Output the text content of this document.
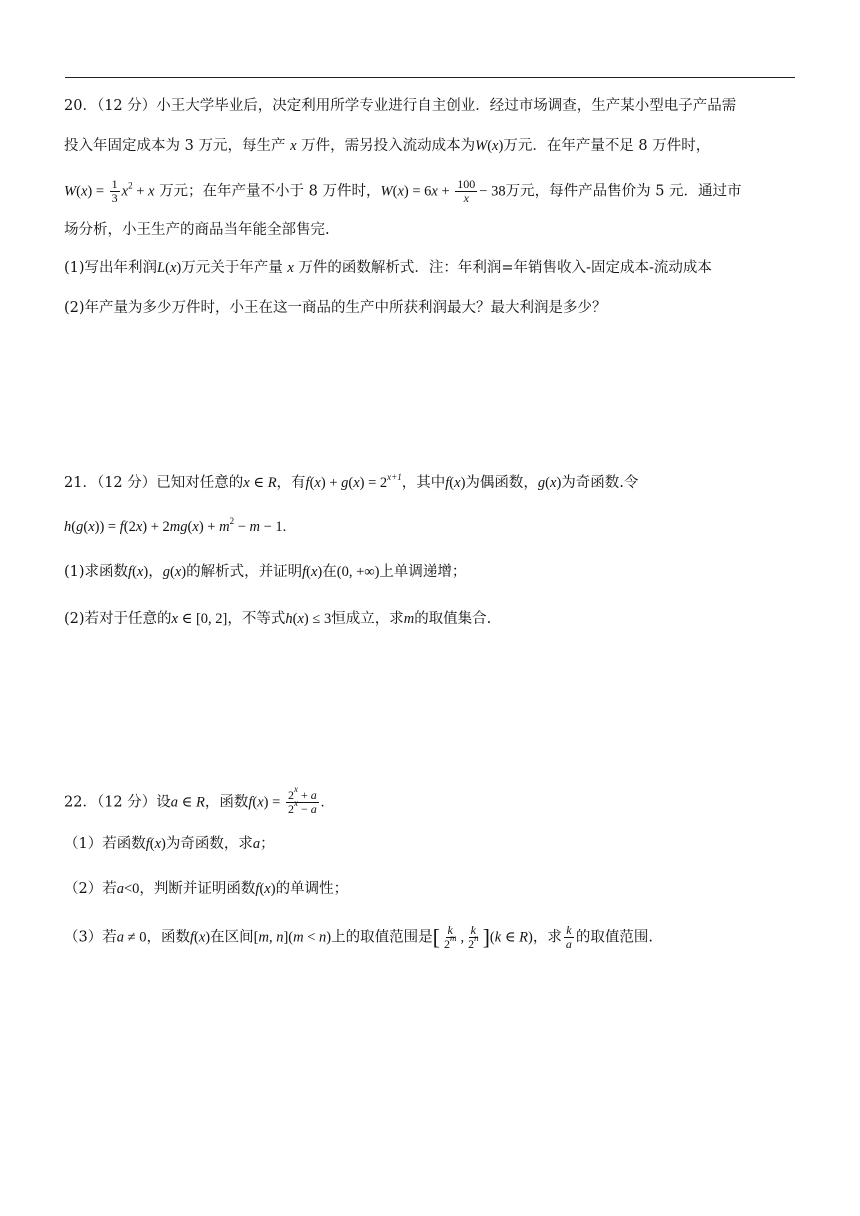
20．（12 分）小王大学毕业后，决定利用所学专业进行自主创业．经过市场调查，生产某小型电子产品需
投入年固定成本为 3 万元，每生产 x 万件，需另投入流动成本为W(x)万元．在年产量不足 8 万件时，
$W(x) = \frac{1}{3} x^2 + x$ 万元；在年产量不小于 8 万件时，$W(x) = 6x + \frac{100}{x} - 38$万元，每件产品售价为 5 元．通过市
场分析，小王生产的商品当年能全部售完.
(1)写出年利润L(x)万元关于年产量 x 万件的函数解析式．注：年利润=年销售收入-固定成本-流动成本
(2)年产量为多少万件时，小王在这一商品的生产中所获利润最大？最大利润是多少？
21．（12 分）已知对任意的x ∈ R，有$f(x) + g(x) = 2^{x+1}$，其中f(x)为偶函数，g(x)为奇函数.令
$h(g(x)) = f(2x) + 2mg(x) + m^2 - m - 1$.
(1)求函数f(x)，g(x)的解析式，并证明f(x)在(0, +∞)上单调递增；
(2)若对于任意的x ∈ [0, 2]，不等式h(x) ≤ 3恒成立，求m的取值集合.
22．（12 分）设a ∈ R，函数$f(x) = \frac{2^x + a}{2^x - a}$ .
（1）若函数f(x)为奇函数，求a；
（2）若a<0，判断并证明函数f(x)的单调性；
（3）若a ≠ 0，函数f(x)在区间[m, n](m < n)上的取值范围是[ $\frac{k}{2^m}$ , $\frac{k}{2^n} ](k$ ∈ R)，求 $\frac{k}{a}$ 的取值范围.
